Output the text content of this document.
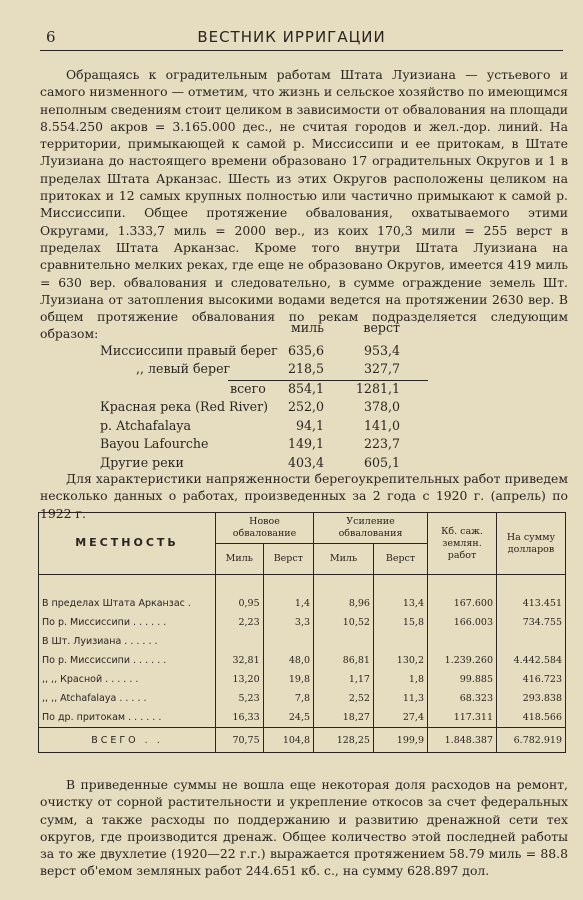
6	ВЕСТНИК ИРРИГАЦИИ
Обращаясь к оградительным работам Штата Луизиана — устьевого и самого низменного — отметим, что жизнь и сельское хозяйство по имеющимся неполным сведениям стоит целиком в зависимости от обвалования на площади 8.554.250 акров = 3.165.000 дес., не считая городов и жел.-дор. линий. На территории, примыкающей к самой р. Миссиссипи и ее притокам, в Штате Луизиана до настоящего времени образовано 17 оградительных Округов и 1 в пределах Штата Арканзас. Шесть из этих Округов расположены целиком на притоках и 12 самых крупных полностью или частично примыкают к самой р. Миссиссипи. Общее протяжение обвалования, охватываемого этими Округами, 1.333,7 миль = 2000 вер., из коих 170,3 мили = 255 верст в пределах Штата Арканзас. Кроме того внутри Штата Луизиана на сравнительно мелких реках, где еще не образовано Округов, имеется 419 миль = 630 вер. обвалования и следовательно, в сумме ограждение земель Шт. Луизиана от затопления высокими водами ведется на протяжении 2630 вер. В общем протяжение обвалования по рекам подразделяется следующим образом:	миль	верст
Миссиссипи правый берег 635,6	953,4
,, левый берег	218,5	327,7
всего	854,1	1281,1
Красная река (Red River)	252,0	378,0
р. Atchafalaya	94,1	141,0
Bayou Lafourche	149,1	223,7
Другие реки	403,4	605,1
Для характеристики напряженности берегоукрепительных работ приведем несколько данных о работах, произведенных за 2 года с 1920 г. (апрель) по 1922 г.
МЕСТНОСТЬ	Новое обвалование		Усиление обвалования		Кб. саж. землян. работ	На сумму долларов
	Миль	Верст	Миль	Верст		

В пределах Штата Арканзас .	0,95	1,4	8,96	13,4	167.600	413.451
По р. Миссиссипи . . . . . .	2,23	3,3	10,52	15,8	166.003	734.755
В Шт. Луизиана . . . . . .						
По р. Миссиссипи . . . . . .	32,81	48,0	86,81	130,2	1.239.260	4.442.584
,, ,, Красной . . . . . .	13,20	19,8	1,17	1,8	99.885	416.723
,, ,, Atchafalaya . . . . .	5,23	7,8	2,52	11,3	68.323	293.838
По др. притокам . . . . . .	16,33	24,5	18,27	27,4	117.311	418.566
ВСЕГО . .	70,75	104,8	128,25	199,9	1.848.387	6.782.919
В приведенные суммы не вошла еще некоторая доля расходов на ремонт, очистку от сорной растительности и укрепление откосов за счет федеральных сумм, а также расходы по поддержанию и развитию дренажной сети тех округов, где производится дренаж. Общее количество этой последней работы за то же двухлетие (1920—22 г.г.) выражается протяжением 58.79 миль = 88.8 верст об'емом земляных работ 244.651 кб. с., на сумму 628.897 дол.
